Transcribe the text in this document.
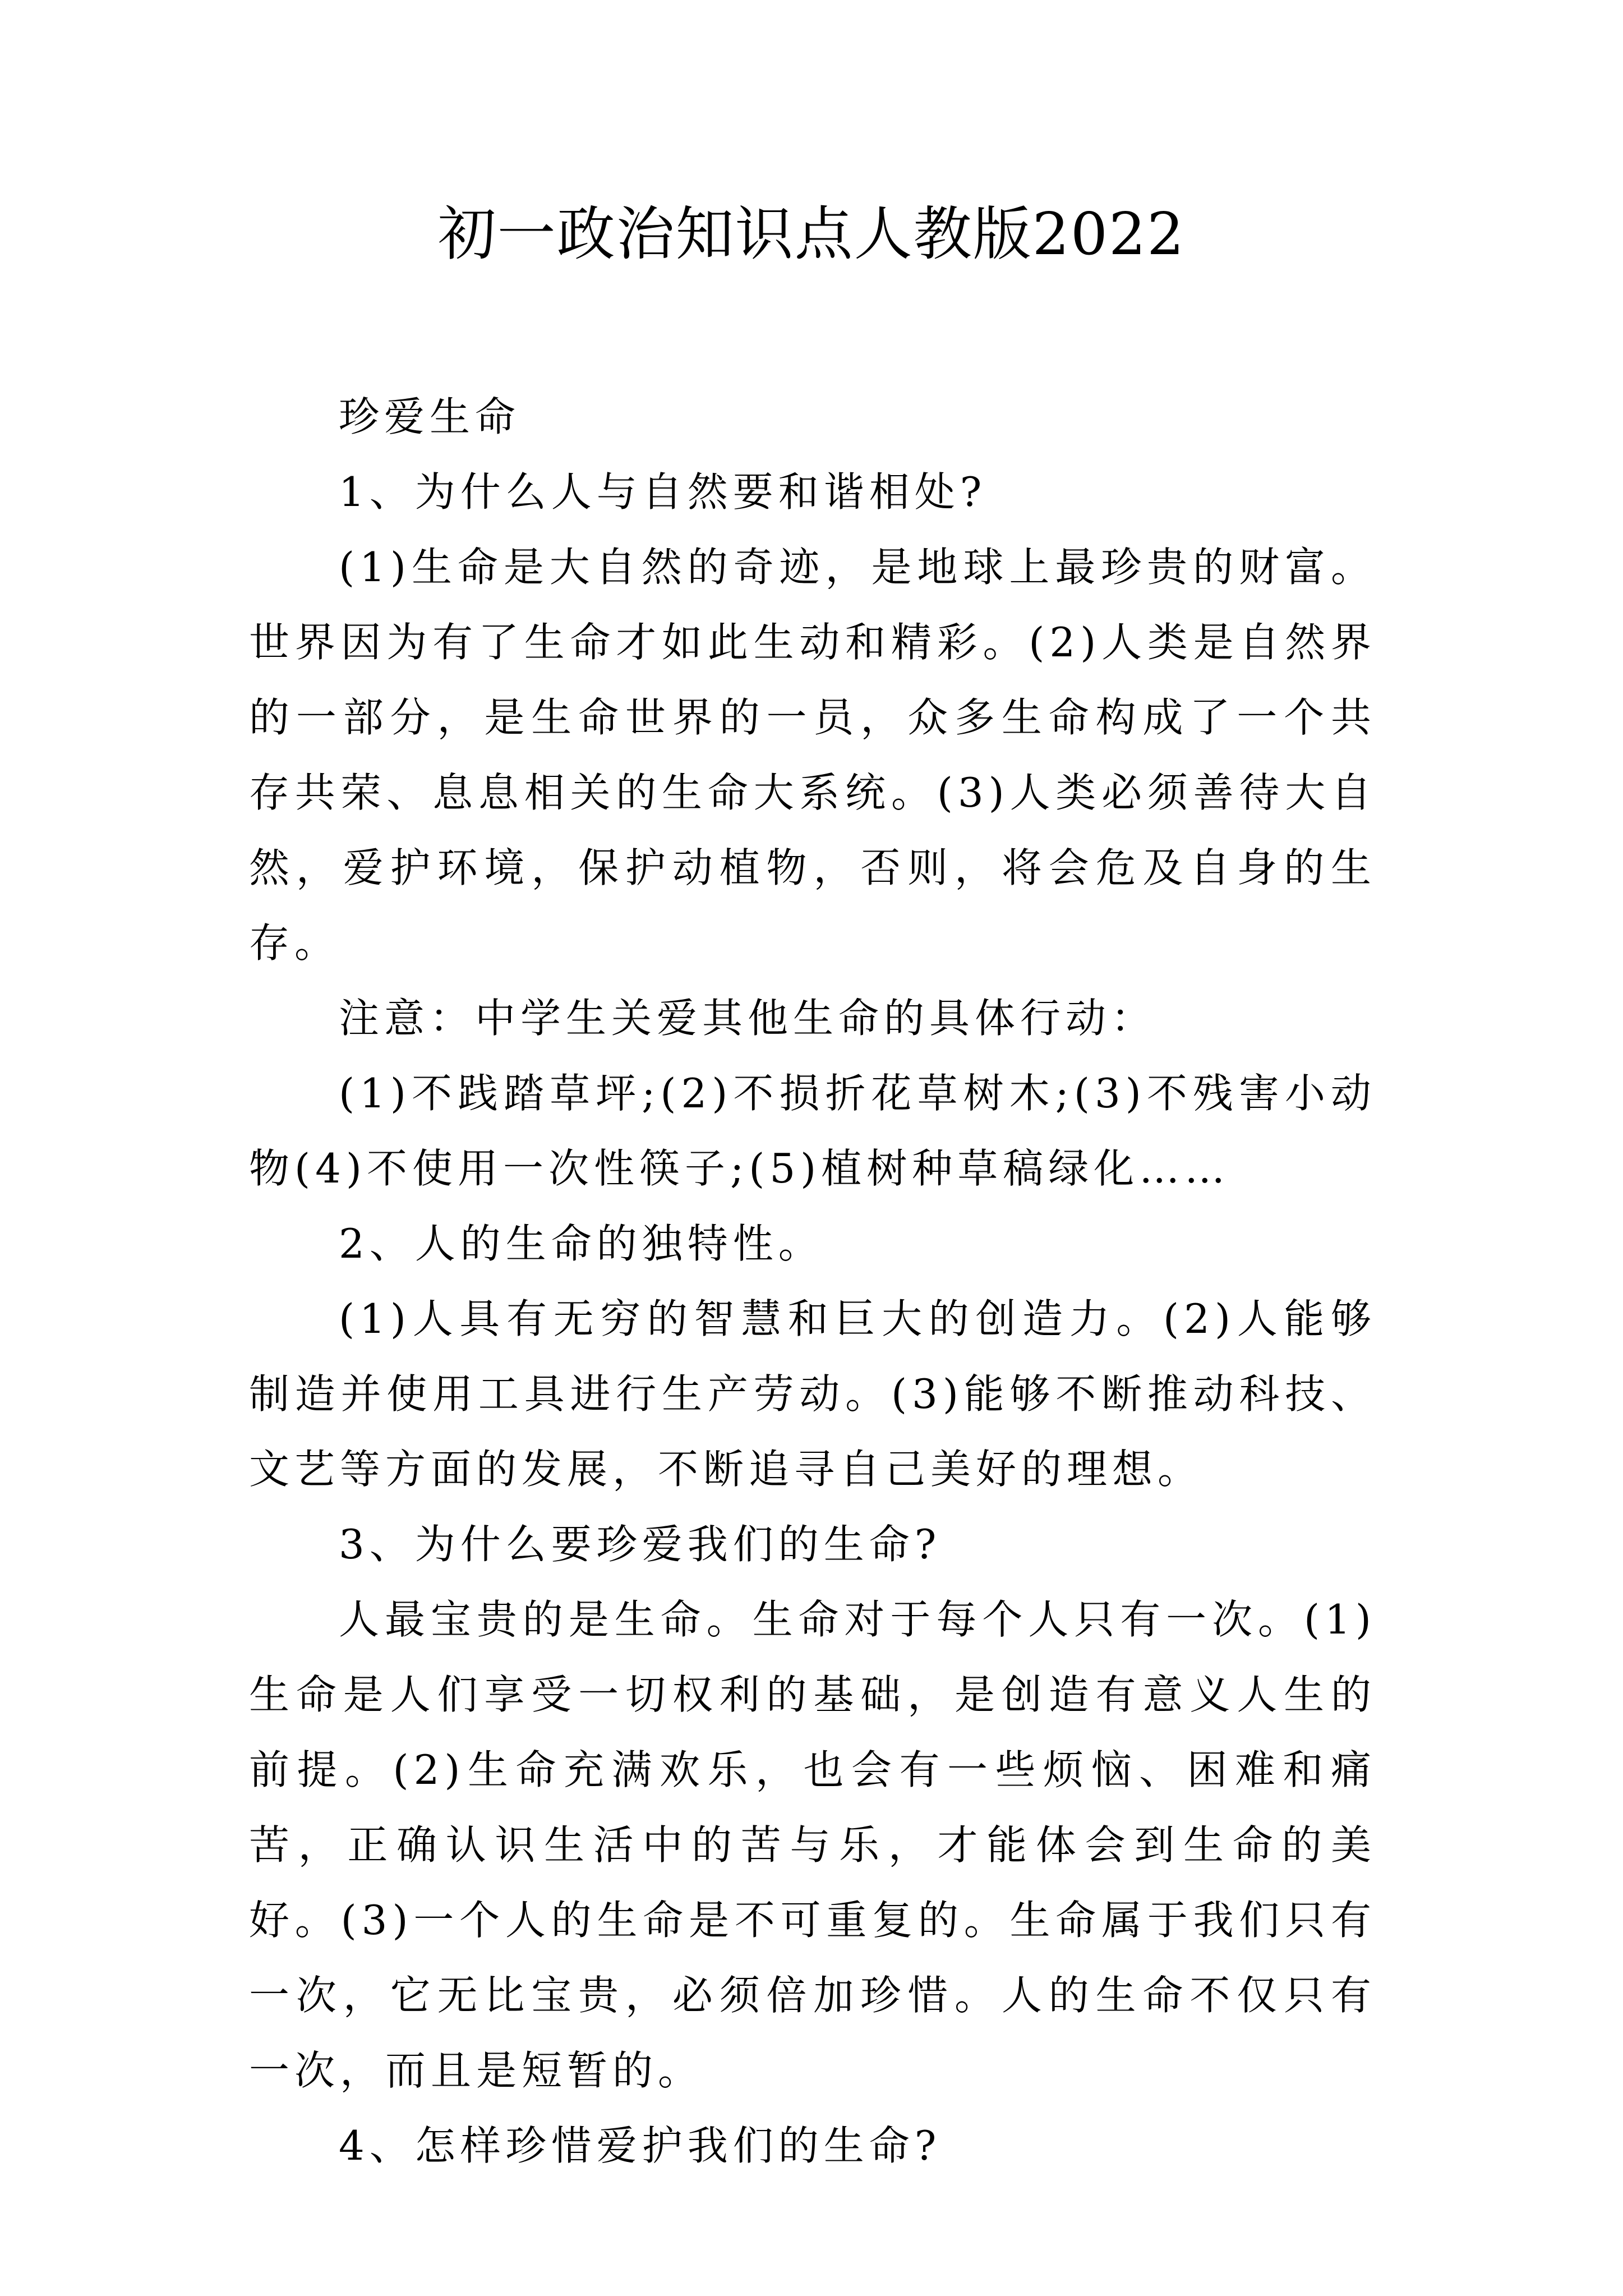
初一政治知识点人教版2022

珍爱生命

1、为什么人与自然要和谐相处?

(1)生命是大自然的奇迹，是地球上最珍贵的财富。世界因为有了生命才如此生动和精彩。(2)人类是自然界的一部分，是生命世界的一员，众多生命构成了一个共存共荣、息息相关的生命大系统。(3)人类必须善待大自然，爱护环境，保护动植物，否则，将会危及自身的生存。

注意：中学生关爱其他生命的具体行动：

(1)不践踏草坪;(2)不损折花草树木;(3)不残害小动物(4)不使用一次性筷子;(5)植树种草稿绿化……

2、人的生命的独特性。

(1)人具有无穷的智慧和巨大的创造力。(2)人能够制造并使用工具进行生产劳动。(3)能够不断推动科技、文艺等方面的发展，不断追寻自己美好的理想。

3、为什么要珍爱我们的生命?

人最宝贵的是生命。生命对于每个人只有一次。(1)生命是人们享受一切权利的基础，是创造有意义人生的前提。(2)生命充满欢乐，也会有一些烦恼、困难和痛苦，正确认识生活中的苦与乐，才能体会到生命的美好。(3)一个人的生命是不可重复的。生命属于我们只有一次，它无比宝贵，必须倍加珍惜。人的生命不仅只有一次，而且是短暂的。

4、怎样珍惜爱护我们的生命?
